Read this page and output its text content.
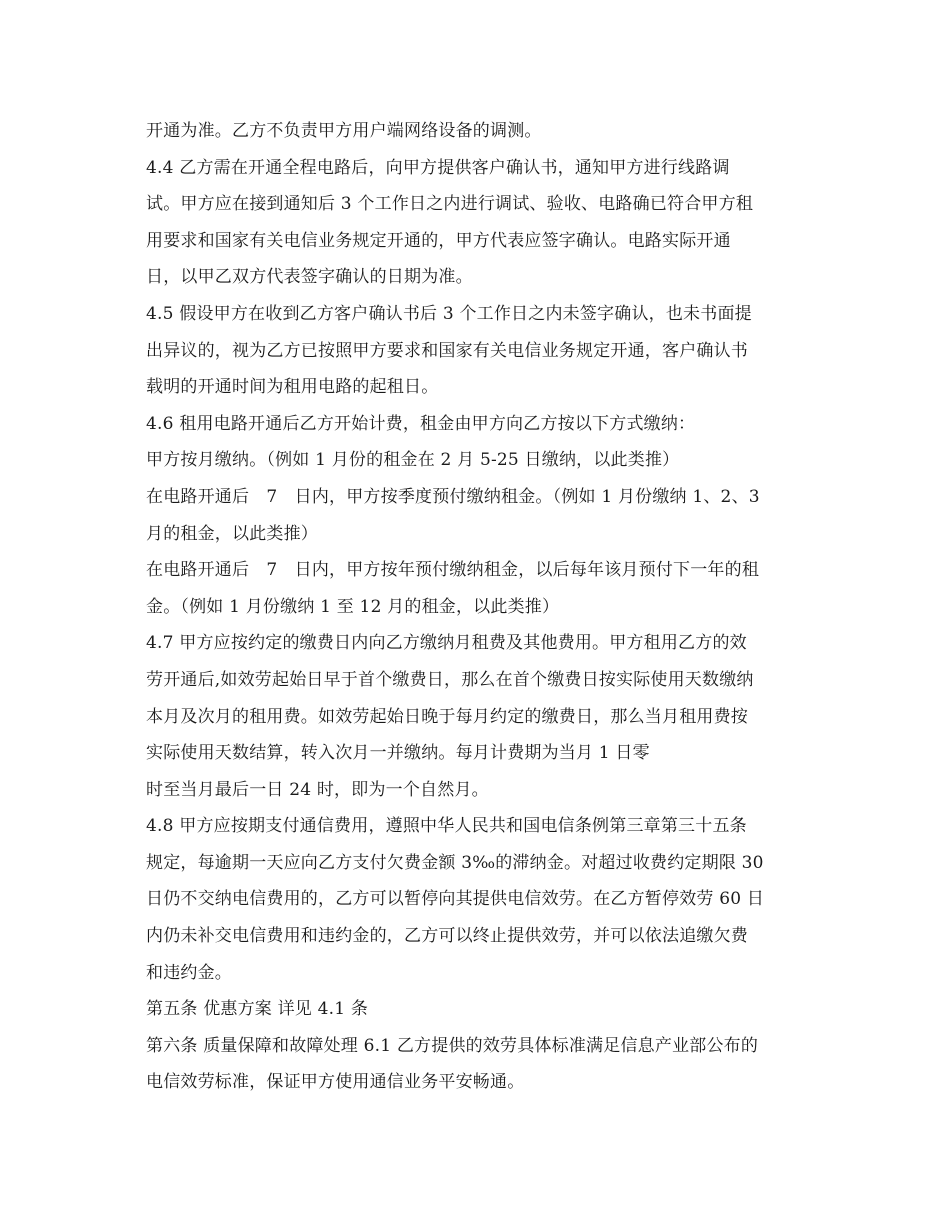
开通为准。乙方不负责甲方用户端网络设备的调测。
4.4 乙方需在开通全程电路后，向甲方提供客户确认书，通知甲方进行线路调
试。甲方应在接到通知后 3 个工作日之内进行调试、验收、电路确已符合甲方租
用要求和国家有关电信业务规定开通的，甲方代表应签字确认。电路实际开通
日，以甲乙双方代表签字确认的日期为准。
4.5 假设甲方在收到乙方客户确认书后 3 个工作日之内未签字确认，也未书面提
出异议的，视为乙方已按照甲方要求和国家有关电信业务规定开通，客户确认书
载明的开通时间为租用电路的起租日。
4.6 租用电路开通后乙方开始计费，租金由甲方向乙方按以下方式缴纳：
甲方按月缴纳。（例如 1 月份的租金在 2 月 5-25 日缴纳，以此类推）
在电路开通后　7　日内，甲方按季度预付缴纳租金。（例如 1 月份缴纳 1、2、3
月的租金，以此类推）
在电路开通后　7　日内，甲方按年预付缴纳租金，以后每年该月预付下一年的租
金。（例如 1 月份缴纳 1 至 12 月的租金，以此类推）
4.7 甲方应按约定的缴费日内向乙方缴纳月租费及其他费用。甲方租用乙方的效
劳开通后,如效劳起始日早于首个缴费日，那么在首个缴费日按实际使用天数缴纳
本月及次月的租用费。如效劳起始日晚于每月约定的缴费日，那么当月租用费按
实际使用天数结算，转入次月一并缴纳。每月计费期为当月 1 日零
时至当月最后一日 24 时，即为一个自然月。
4.8 甲方应按期支付通信费用，遵照中华人民共和国电信条例第三章第三十五条
规定，每逾期一天应向乙方支付欠费金额 3‰的滞纳金。对超过收费约定期限 30
日仍不交纳电信费用的，乙方可以暂停向其提供电信效劳。在乙方暂停效劳 60 日
内仍未补交电信费用和违约金的，乙方可以终止提供效劳，并可以依法追缴欠费
和违约金。
第五条 优惠方案 详见 4.1 条
第六条 质量保障和故障处理 6.1 乙方提供的效劳具体标准满足信息产业部公布的
电信效劳标准，保证甲方使用通信业务平安畅通。
